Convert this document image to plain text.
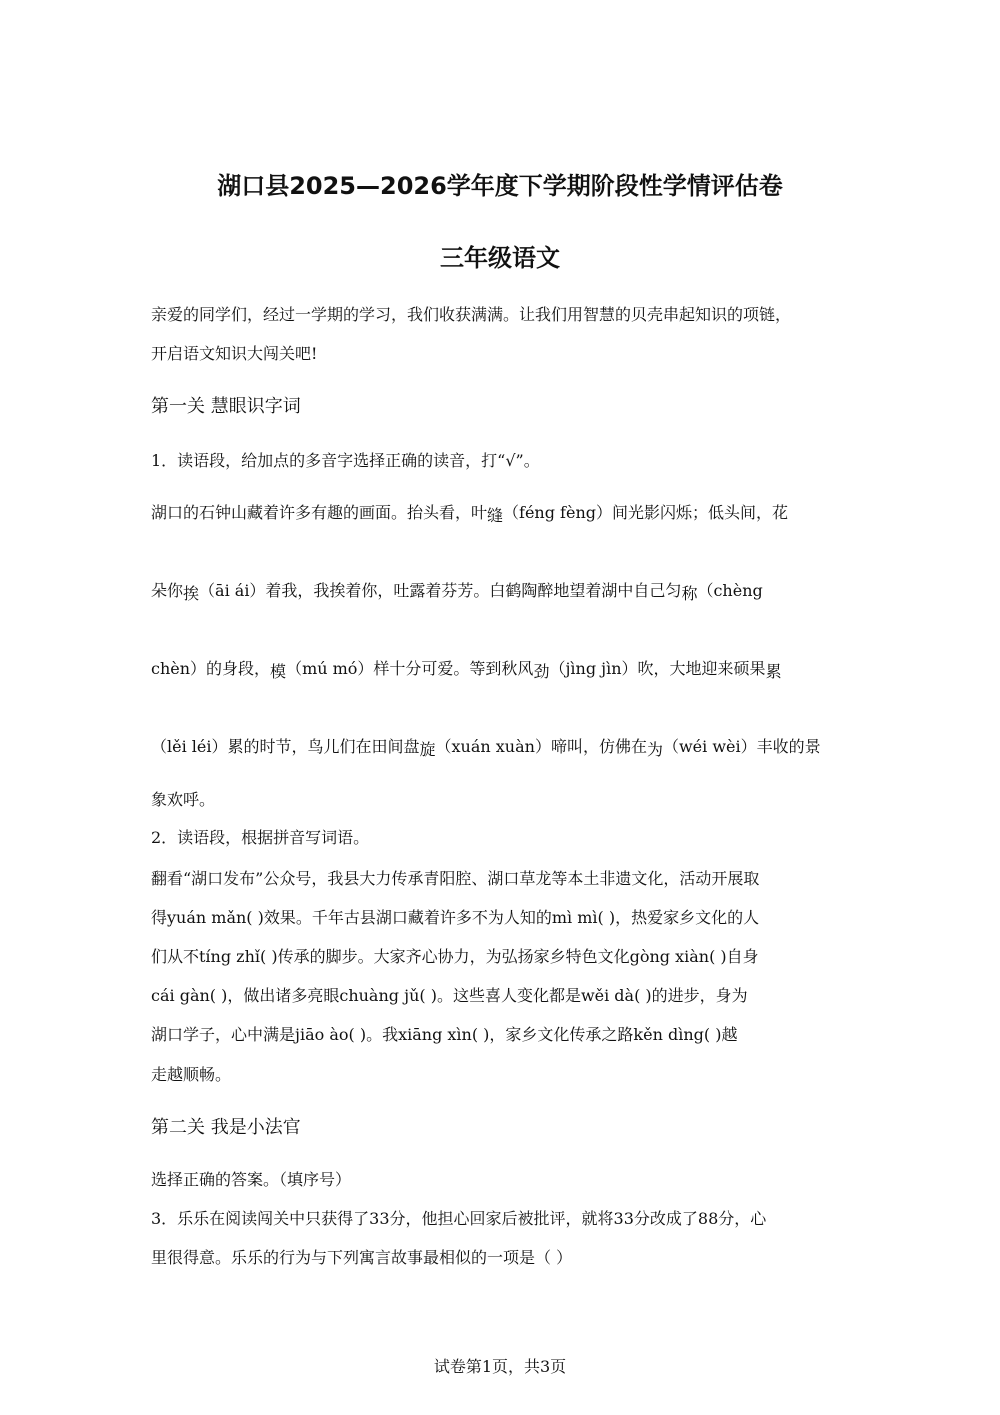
湖口县2025—2026学年度下学期阶段性学情评估卷
三年级语文
亲爱的同学们，经过一学期的学习，我们收获满满。让我们用智慧的贝壳串起知识的项链，
开启语文知识大闯关吧!
第一关 慧眼识字词
1．读语段，给加点的多音字选择正确的读音，打“√”。
湖口的石钟山藏着许多有趣的画面。抬头看，叶缝（féng fèng）间光影闪烁；低头间，花
朵你挨（āi ái）着我，我挨着你，吐露着芬芳。白鹤陶醉地望着湖中自己匀称（chèng
chèn）的身段，模（mú mó）样十分可爱。等到秋风劲（jìng jìn）吹，大地迎来硕果累
（lěi léi）累的时节，鸟儿们在田间盘旋（xuán xuàn）啼叫，仿佛在为（wéi wèi）丰收的景
象欢呼。
2．读语段，根据拼音写词语。
翻看“湖口发布”公众号，我县大力传承青阳腔、湖口草龙等本土非遗文化，活动开展取
得yuán mǎn( )效果。千年古县湖口藏着许多不为人知的mì mì( )，热爱家乡文化的人
们从不tíng zhǐ( )传承的脚步。大家齐心协力，为弘扬家乡特色文化gòng xiàn( )自身
cái gàn( )，做出诸多亮眼chuàng jǔ( )。这些喜人变化都是wěi dà( )的进步，身为
湖口学子，心中满是jiāo ào( )。我xiāng xìn( )，家乡文化传承之路kěn dìng( )越
走越顺畅。
第二关 我是小法官
选择正确的答案。（填序号）
3．乐乐在阅读闯关中只获得了33分，他担心回家后被批评，就将33分改成了88分，心
里很得意。乐乐的行为与下列寓言故事最相似的一项是（ ）
试卷第1页，共3页
